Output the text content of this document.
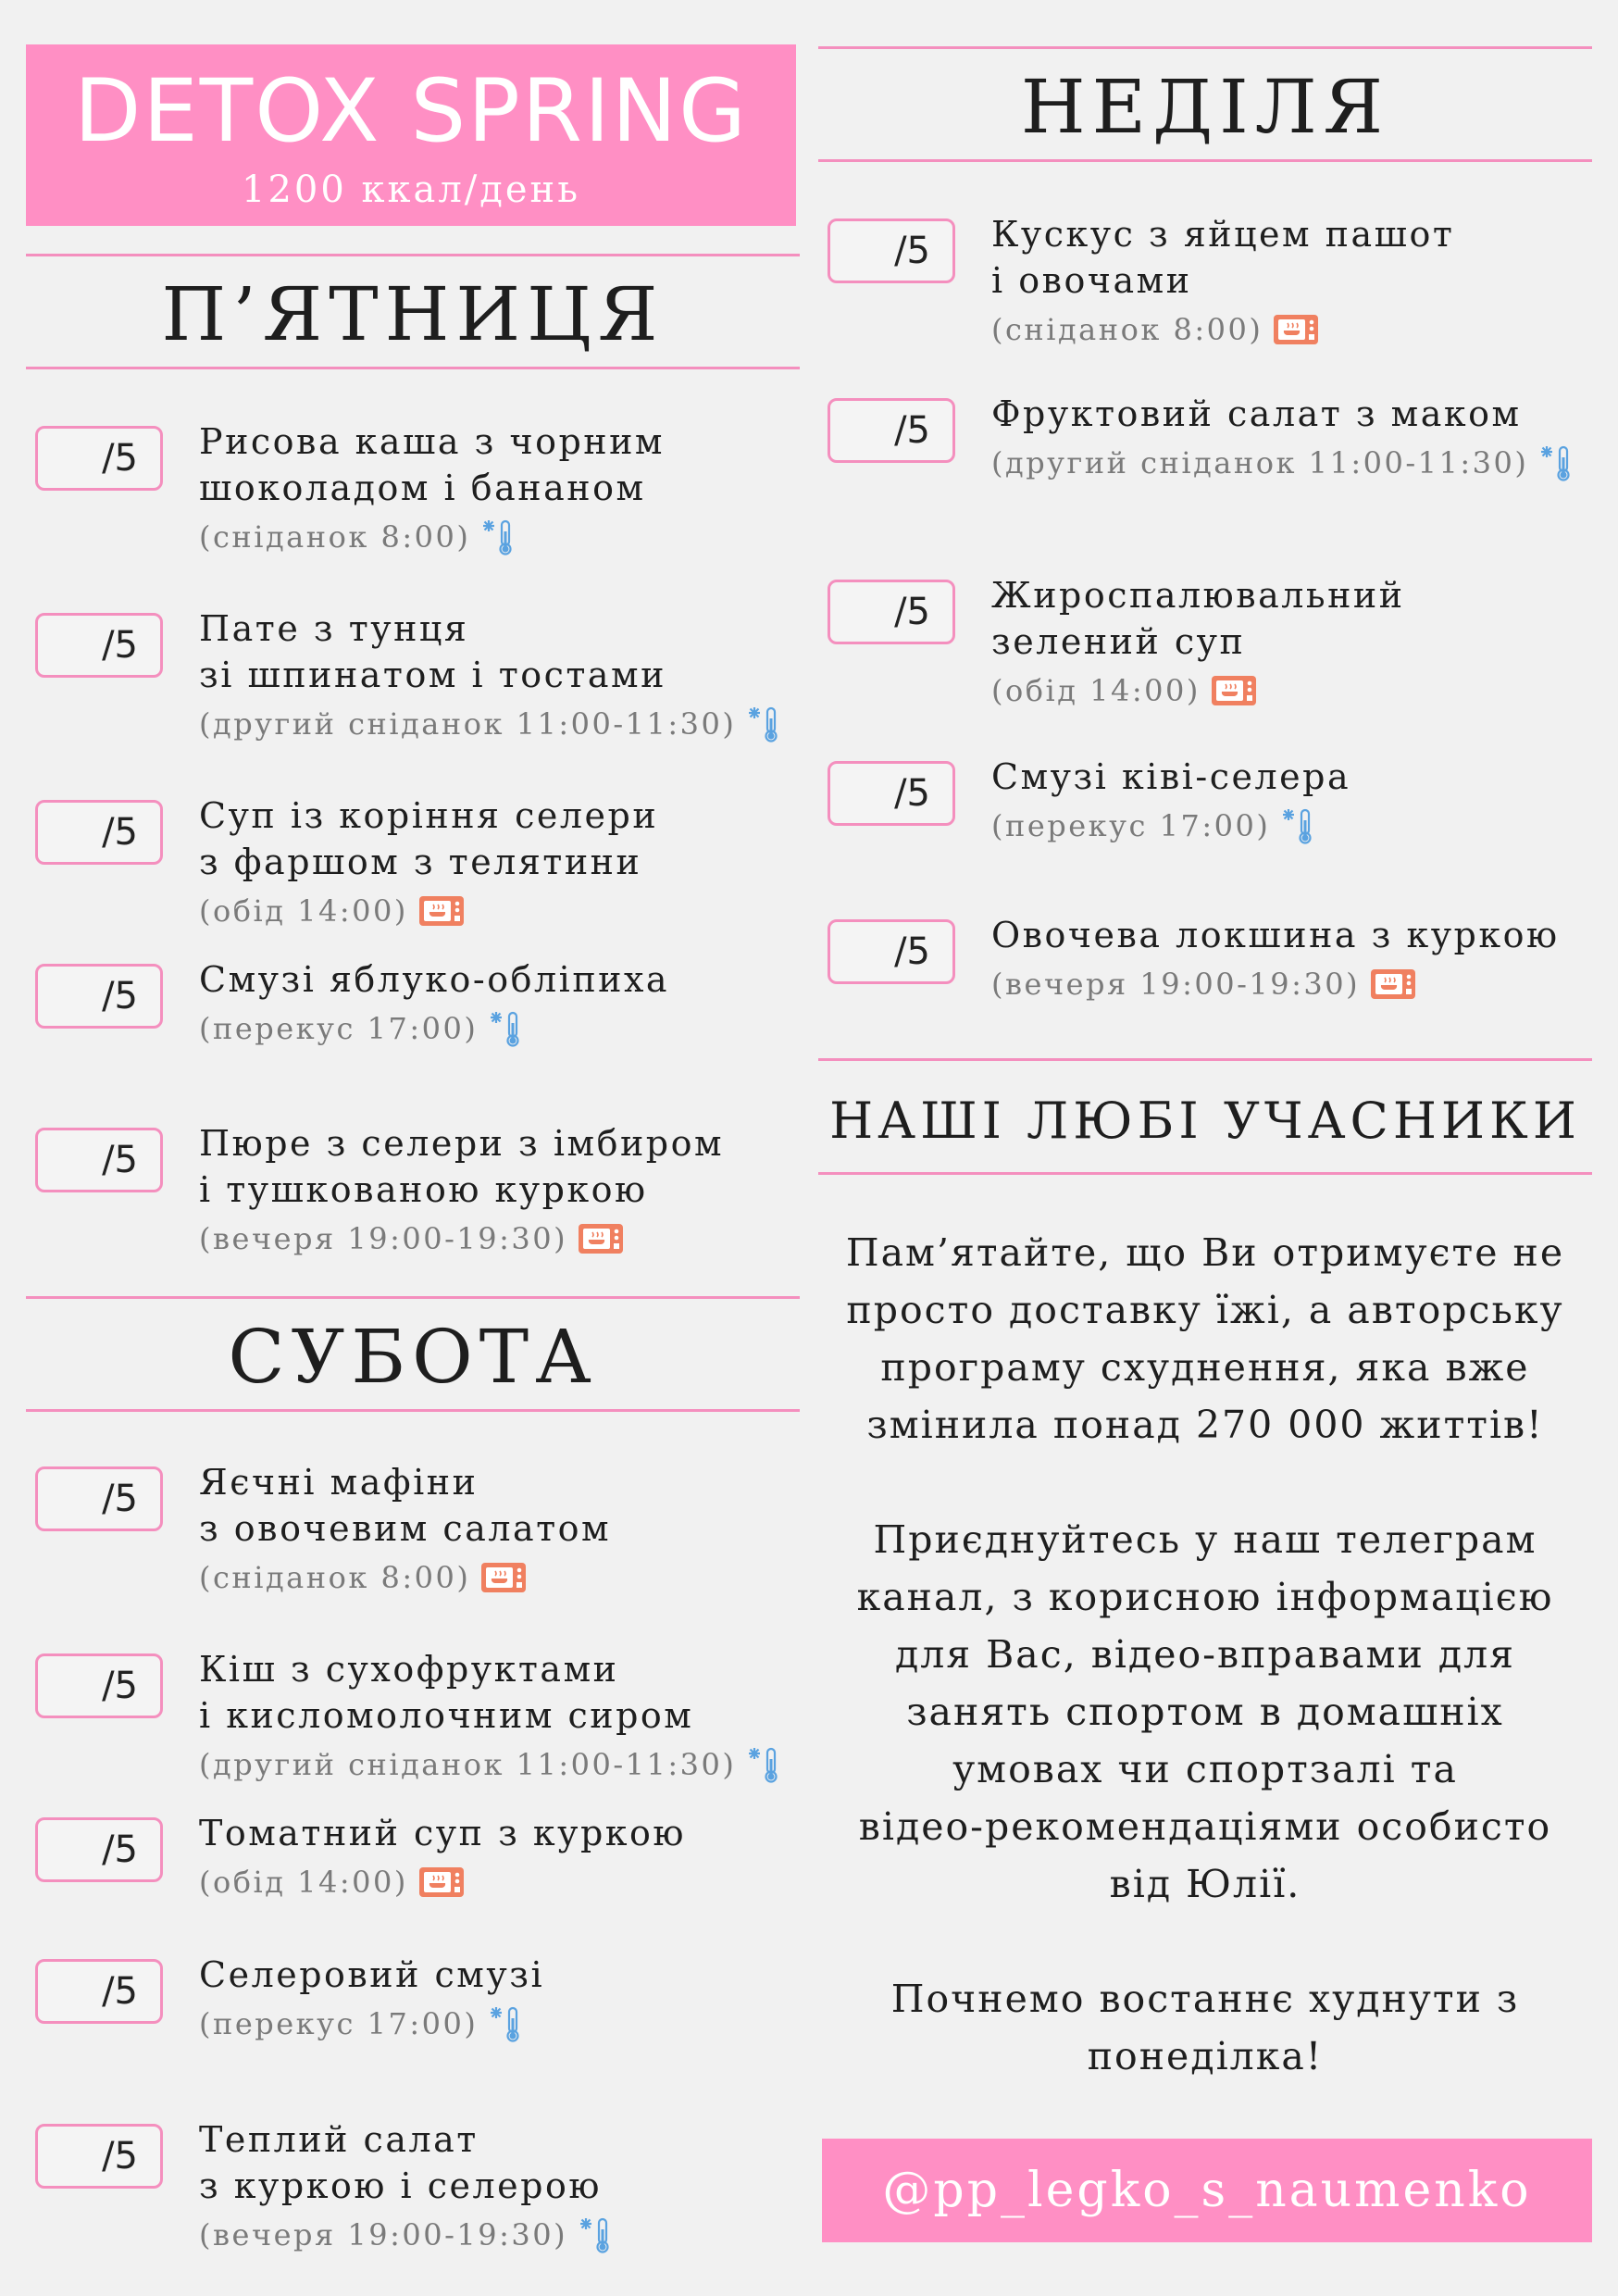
DETOX SPRING
1200 ккал/день
П’ЯТНИЦЯ
/5	Рисова каша з чорним
шоколадом і бананом
(сніданок 8:00)
/5	Пате з тунця
зі шпинатом і тостами
(другий сніданок 11:00-11:30)
/5	Суп із коріння селери
з фаршом з телятини
(обід 14:00)
/5	Смузі яблуко-обліпиха
(перекус 17:00)
/5	Пюре з селери з імбиром
і тушкованою куркою
(вечеря 19:00-19:30)
СУБОТА
/5	Яєчні мафіни
з овочевим салатом
(сніданок 8:00)
/5	Кіш з сухофруктами
і кисломолочним сиром
(другий сніданок 11:00-11:30)
/5	Томатний суп з куркою
(обід 14:00)
/5	Селеровий смузі
(перекус 17:00)
/5	Теплий салат
з куркою і селерою
(вечеря 19:00-19:30)
НЕДІЛЯ
/5	Кускус з яйцем пашот
і овочами
(сніданок 8:00)
/5	Фруктовий салат з маком
(другий сніданок 11:00-11:30)
/5	Жироспалювальний
зелений суп
(обід 14:00)
/5	Смузі ківі-селера
(перекус 17:00)
/5	Овочева локшина з куркою
(вечеря 19:00-19:30)
НАШІ ЛЮБІ УЧАСНИКИ

Пам’ятайте, що Ви отримуєте не
просто доставку їжі, а авторську
програму схуднення, яка вже
змінила понад 270 000 життів!

Приєднуйтесь у наш телеграм
канал, з корисною інформацією
для Вас, відео-вправами для
занять спортом в домашніх
умовах чи спортзалі та
відео-рекомендаціями особисто
від Юлії.

Почнемо востаннє худнути з
понеділка!

@pp_legko_s_naumenko
